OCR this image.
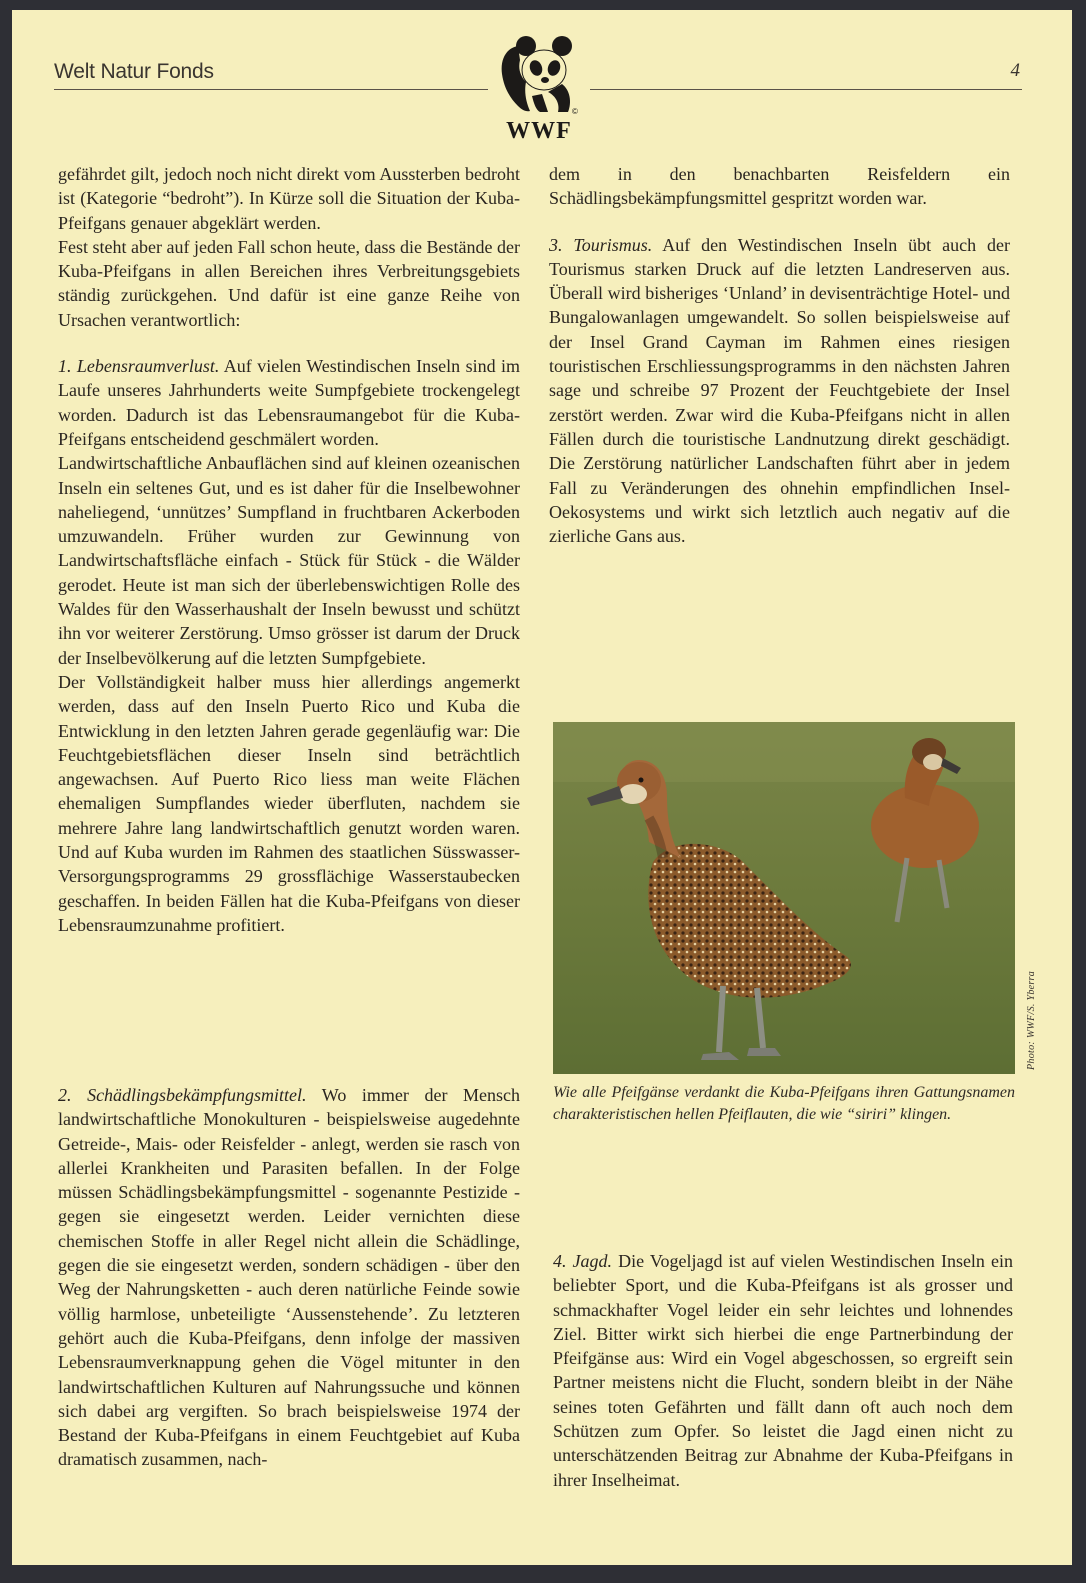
Welt Natur Fonds	4
©
WWF

gefährdet gilt, jedoch noch nicht direkt vom Aussterben bedroht ist (Kategorie “bedroht”). In Kürze soll die Situation der Kuba-Pfeifgans genauer abgeklärt werden.

Fest steht aber auf jeden Fall schon heute, dass die Bestände der Kuba-Pfeifgans in allen Bereichen ihres Verbreitungsgebiets ständig zurückgehen. Und dafür ist eine ganze Reihe von Ursachen verantwortlich:

1. Lebensraumverlust. Auf vielen Westindischen Inseln sind im Laufe unseres Jahrhunderts weite Sumpfgebiete trockengelegt worden. Dadurch ist das Lebensraumangebot für die Kuba-Pfeifgans entscheidend geschmälert worden.

Landwirtschaftliche Anbauflächen sind auf kleinen ozeanischen Inseln ein seltenes Gut, und es ist daher für die Inselbewohner naheliegend, ‘unnützes’ Sumpfland in fruchtbaren Ackerboden umzuwandeln. Früher wurden zur Gewinnung von Landwirtschaftsfläche einfach - Stück für Stück - die Wälder gerodet. Heute ist man sich der überlebenswichtigen Rolle des Waldes für den Wasserhaushalt der Inseln bewusst und schützt ihn vor weiterer Zerstörung. Umso grösser ist darum der Druck der Inselbevölkerung auf die letzten Sumpfgebiete.

Der Vollständigkeit halber muss hier allerdings angemerkt werden, dass auf den Inseln Puerto Rico und Kuba die Entwicklung in den letzten Jahren gerade gegenläufig war: Die Feuchtgebietsflächen dieser Inseln sind beträchtlich angewachsen. Auf Puerto Rico liess man weite Flächen ehemaligen Sumpflandes wieder überfluten, nachdem sie mehrere Jahre lang landwirtschaftlich genutzt worden waren. Und auf Kuba wurden im Rahmen des staatlichen Süsswasser-Versorgungsprogramms 29 grossflächige Wasserstaubecken geschaffen. In beiden Fällen hat die Kuba-Pfeifgans von dieser Lebensraumzunahme profitiert.

2. Schädlingsbekämpfungsmittel. Wo immer der Mensch landwirtschaftliche Monokulturen - beispielsweise augedehnte Getreide-, Mais- oder Reisfelder - anlegt, werden sie rasch von allerlei Krankheiten und Parasiten befallen. In der Folge müssen Schädlingsbekämpfungsmittel - sogenannte Pestizide - gegen sie eingesetzt werden. Leider vernichten diese chemischen Stoffe in aller Regel nicht allein die Schädlinge, gegen die sie eingesetzt werden, sondern schädigen - über den Weg der Nahrungsketten - auch deren natürliche Feinde sowie völlig harmlose, unbeteiligte ‘Aussenstehende’. Zu letzteren gehört auch die Kuba-Pfeifgans, denn infolge der massiven Lebensraumverknappung gehen die Vögel mitunter in den landwirtschaftlichen Kulturen auf Nahrungssuche und können sich dabei arg vergiften. So brach beispielsweise 1974 der Bestand der Kuba-Pfeifgans in einem Feuchtgebiet auf Kuba dramatisch zusammen, nach-

dem in den benachbarten Reisfeldern ein Schädlingsbekämpfungsmittel gespritzt worden war.

3. Tourismus. Auf den Westindischen Inseln übt auch der Tourismus starken Druck auf die letzten Landreserven aus. Überall wird bisheriges ‘Unland’ in devisenträchtige Hotel- und Bungalowanlagen umgewandelt. So sollen beispielsweise auf der Insel Grand Cayman im Rahmen eines riesigen touristischen Erschliessungsprogramms in den nächsten Jahren sage und schreibe 97 Prozent der Feuchtgebiete der Insel zerstört werden. Zwar wird die Kuba-Pfeifgans nicht in allen Fällen durch die touristische Landnutzung direkt geschädigt. Die Zerstörung natürlicher Landschaften führt aber in jedem Fall zu Veränderungen des ohnehin empfindlichen Insel-Oekosystems und wirkt sich letztlich auch negativ auf die zierliche Gans aus.

Photo: WWF/S. Yberra
Wie alle Pfeifgänse verdankt die Kuba-Pfeifgans ihren Gattungsnamen charakteristischen hellen Pfeiflauten, die wie “siriri” klingen.

4. Jagd. Die Vogeljagd ist auf vielen Westindischen Inseln ein beliebter Sport, und die Kuba-Pfeifgans ist als grosser und schmackhafter Vogel leider ein sehr leichtes und lohnendes Ziel. Bitter wirkt sich hierbei die enge Partnerbindung der Pfeifgänse aus: Wird ein Vogel abgeschossen, so ergreift sein Partner meistens nicht die Flucht, sondern bleibt in der Nähe seines toten Gefährten und fällt dann oft auch noch dem Schützen zum Opfer. So leistet die Jagd einen nicht zu unterschätzenden Beitrag zur Abnahme der Kuba-Pfeifgans in ihrer Inselheimat.
